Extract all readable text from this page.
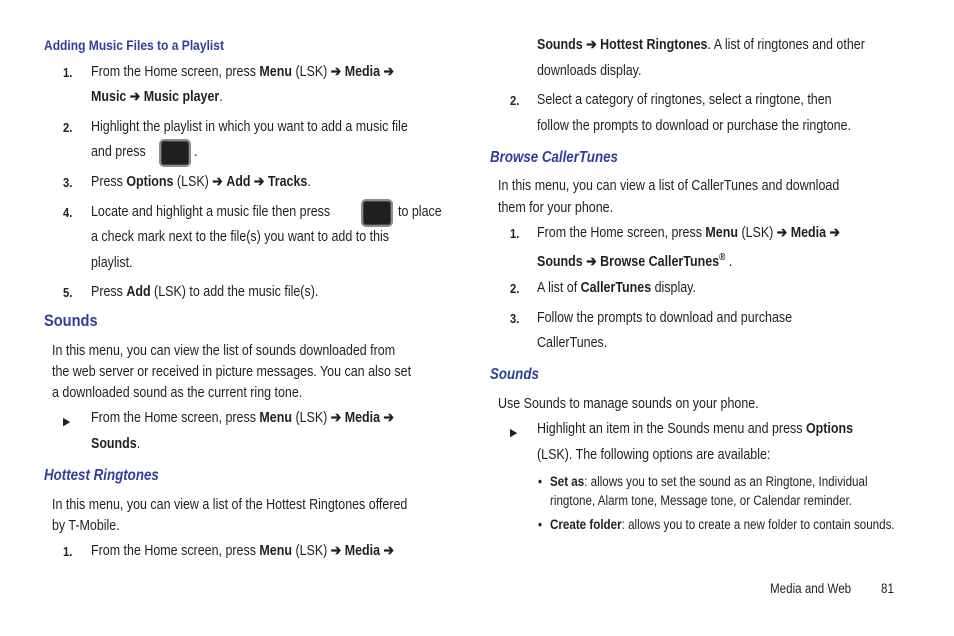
Adding Music Files to a Playlist
1. From the Home screen, press Menu (LSK) ➔ Media ➔
Music ➔ Music player.
2. Highlight the playlist in which you want to add a music file
and press	.
3. Press Options (LSK) ➔ Add ➔ Tracks.
4. Locate and highlight a music file then press	to place
a check mark next to the file(s) you want to add to this
playlist.
5. Press Add (LSK) to add the music file(s).
Sounds
In this menu, you can view the list of sounds downloaded from
the web server or received in picture messages. You can also set
a downloaded sound as the current ring tone.
▶ From the Home screen, press Menu (LSK) ➔ Media ➔
Sounds.
Hottest Ringtones
In this menu, you can view a list of the Hottest Ringtones offered
by T-Mobile.
1. From the Home screen, press Menu (LSK) ➔ Media ➔
Sounds ➔ Hottest Ringtones. A list of ringtones and other
downloads display.
2. Select a category of ringtones, select a ringtone, then
follow the prompts to download or purchase the ringtone.
Browse CallerTunes
In this menu, you can view a list of CallerTunes and download
them for your phone.
1. From the Home screen, press Menu (LSK) ➔ Media ➔
Sounds ➔ Browse CallerTunes® .
2. A list of CallerTunes display.
3. Follow the prompts to download and purchase
CallerTunes.
Sounds
Use Sounds to manage sounds on your phone.
▶ Highlight an item in the Sounds menu and press Options
(LSK). The following options are available:
• Set as: allows you to set the sound as an Ringtone, Individual
ringtone, Alarm tone, Message tone, or Calendar reminder.
• Create folder: allows you to create a new folder to contain sounds.
Media and Web 81
